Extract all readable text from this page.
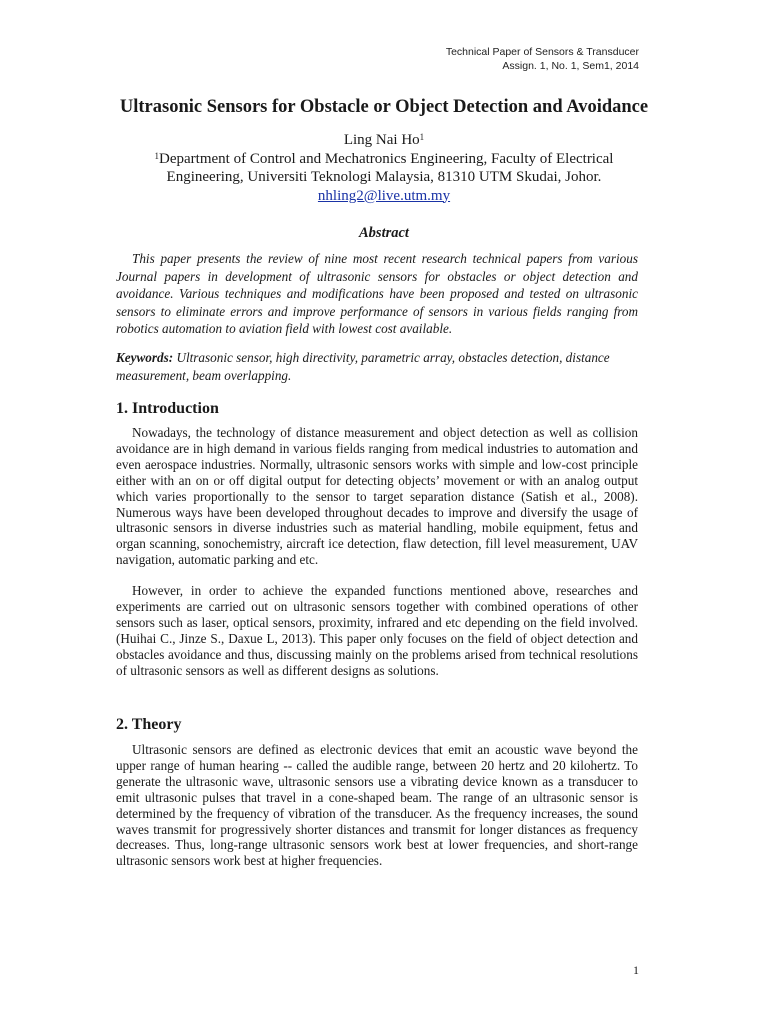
Technical Paper of Sensors & Transducer
Assign. 1, No. 1, Sem1, 2014
Ultrasonic Sensors for Obstacle or Object Detection and Avoidance
Ling Nai Ho$^1$
$^1$Department of Control and Mechatronics Engineering, Faculty of Electrical
Engineering, Universiti Teknologi Malaysia, 81310 UTM Skudai, Johor.
nhling2@live.utm.my
Abstract
This paper presents the review of nine most recent research technical papers from various Journal papers in development of ultrasonic sensors for obstacles or object detection and avoidance. Various techniques and modifications have been proposed and tested on ultrasonic sensors to eliminate errors and improve performance of sensors in various fields ranging from robotics automation to aviation field with lowest cost available.
Keywords: Ultrasonic sensor, high directivity, parametric array, obstacles detection, distance measurement, beam overlapping.
1. Introduction
Nowadays, the technology of distance measurement and object detection as well as collision avoidance are in high demand in various fields ranging from medical industries to automation and even aerospace industries. Normally, ultrasonic sensors works with simple and low-cost principle either with an on or off digital output for detecting objects’ movement or with an analog output which varies proportionally to the sensor to target separation distance (Satish et al., 2008). Numerous ways have been developed throughout decades to improve and diversify the usage of ultrasonic sensors in diverse industries such as material handling, mobile equipment, fetus and organ scanning, sonochemistry, aircraft ice detection, flaw detection, fill level measurement, UAV navigation, automatic parking and etc.
However, in order to achieve the expanded functions mentioned above, researches and experiments are carried out on ultrasonic sensors together with combined operations of other sensors such as laser, optical sensors, proximity, infrared and etc depending on the field involved. (Huihai C., Jinze S., Daxue L, 2013). This paper only focuses on the field of object detection and obstacles avoidance and thus, discussing mainly on the problems arised from technical resolutions of ultrasonic sensors as well as different designs as solutions.
2. Theory
Ultrasonic sensors are defined as electronic devices that emit an acoustic wave beyond the upper range of human hearing -- called the audible range, between 20 hertz and 20 kilohertz. To generate the ultrasonic wave, ultrasonic sensors use a vibrating device known as a transducer to emit ultrasonic pulses that travel in a cone-shaped beam. The range of an ultrasonic sensor is determined by the frequency of vibration of the transducer. As the frequency increases, the sound waves transmit for progressively shorter distances and transmit for longer distances as frequency decreases. Thus, long-range ultrasonic sensors work best at lower frequencies, and short-range ultrasonic sensors work best at higher frequencies.
1
